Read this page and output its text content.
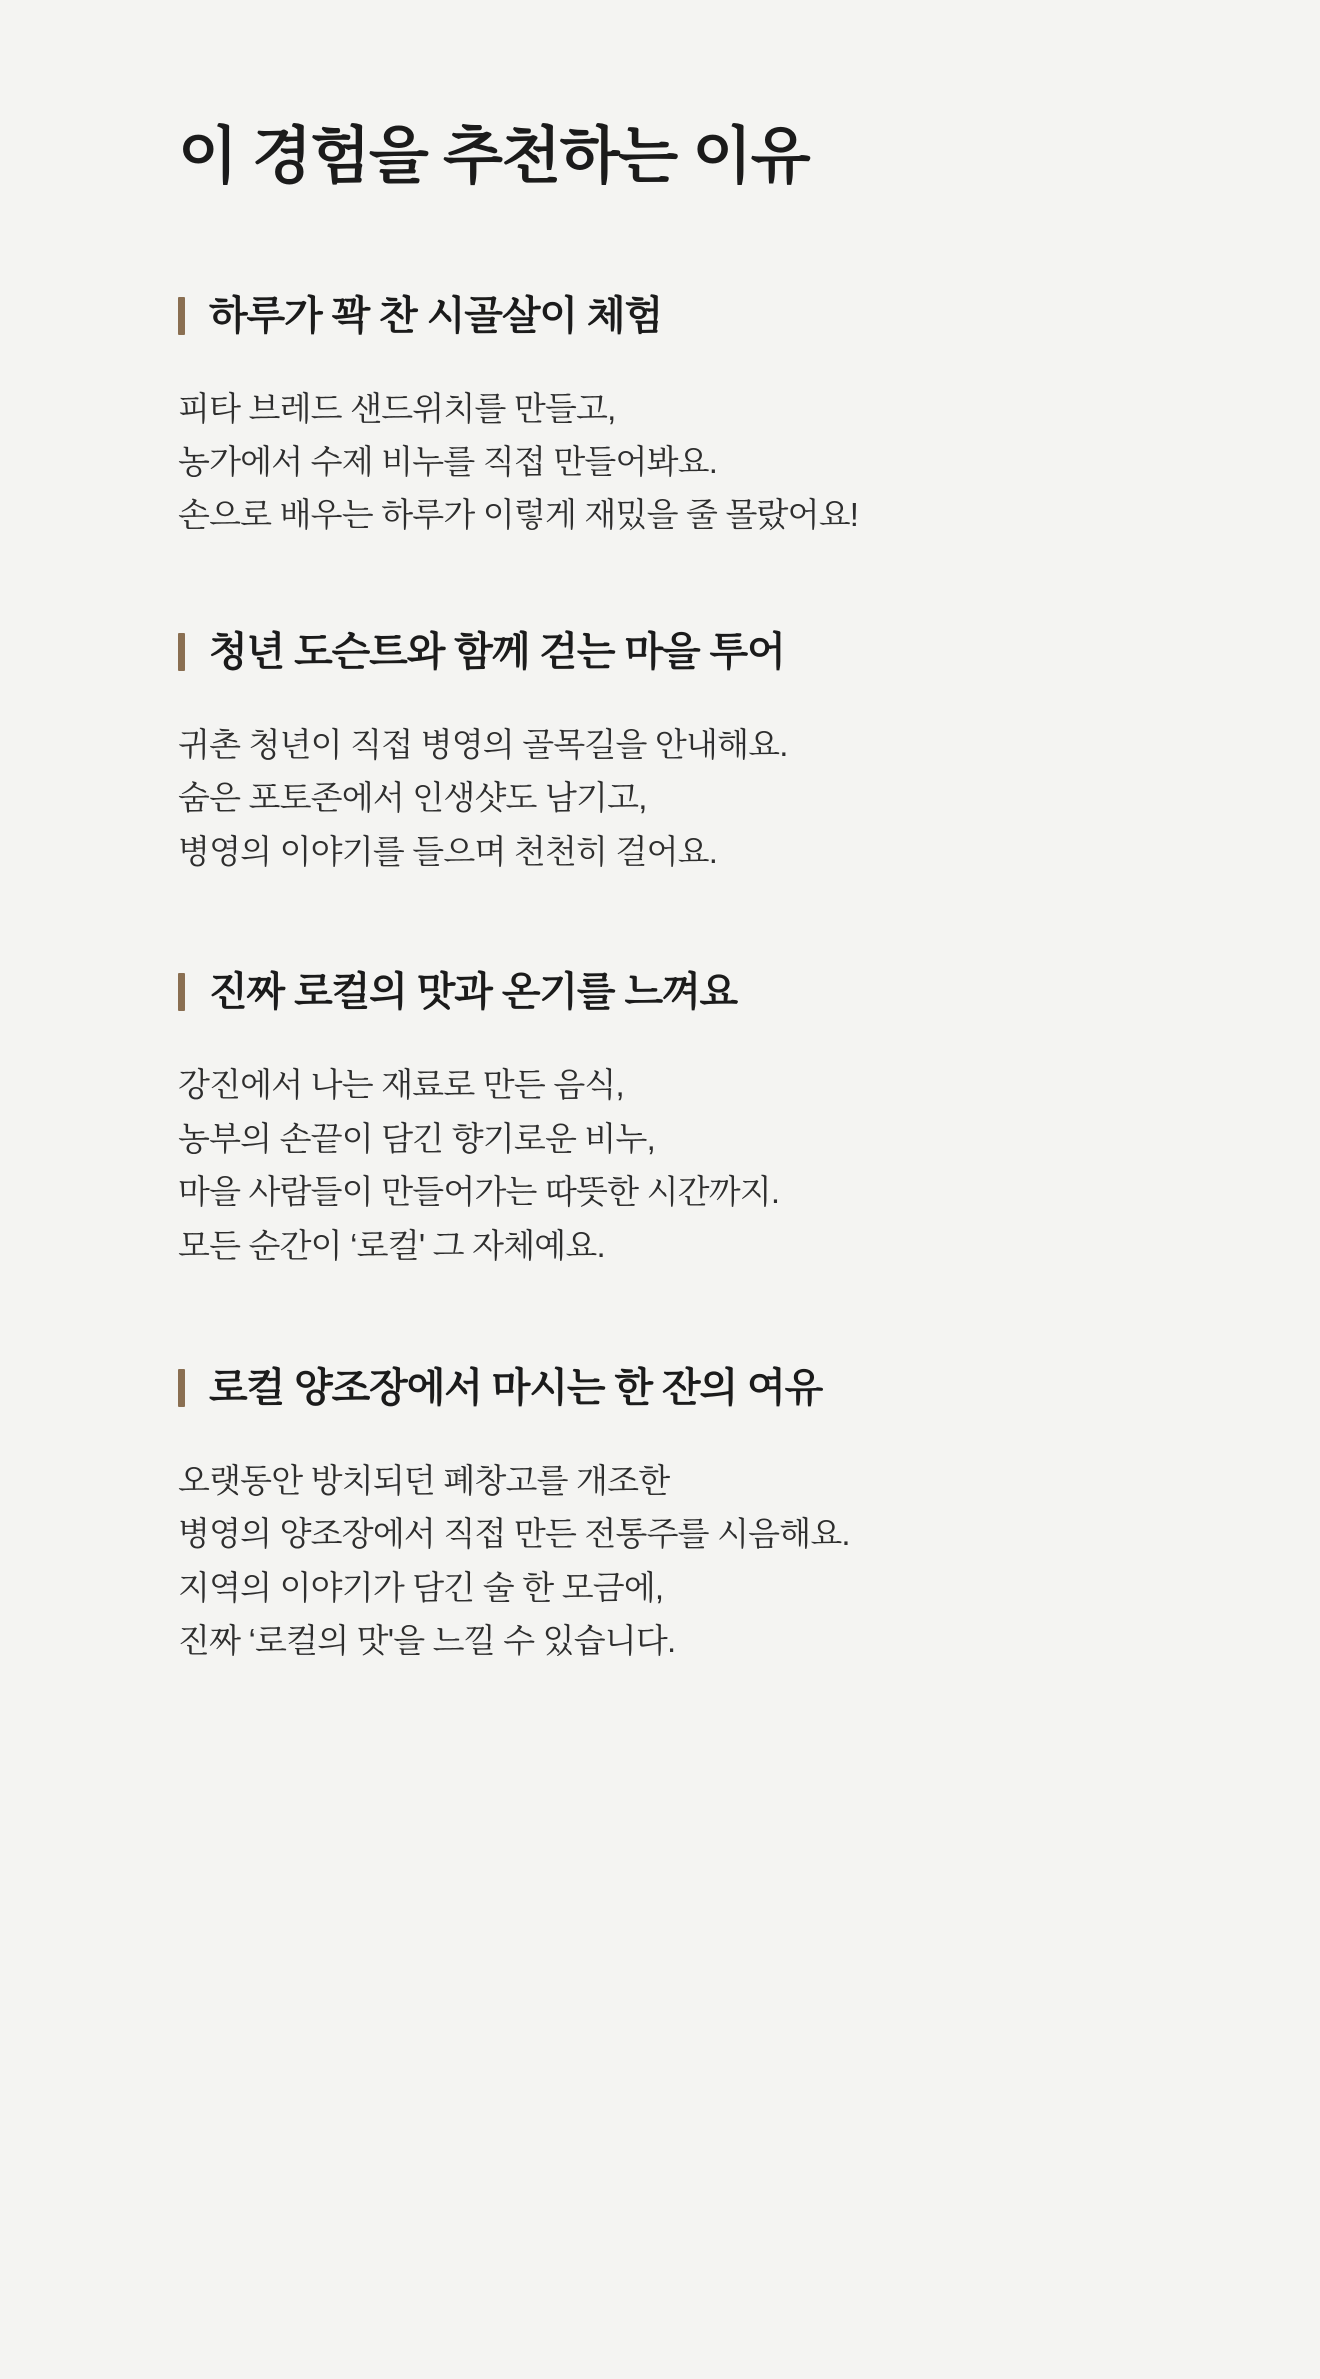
이 경험을 추천하는 이유
하루가 꽉 찬 시골살이 체험
피타 브레드 샌드위치를 만들고,
농가에서 수제 비누를 직접 만들어봐요.
손으로 배우는 하루가 이렇게 재밌을 줄 몰랐어요!
청년 도슨트와 함께 걷는 마을 투어
귀촌 청년이 직접 병영의 골목길을 안내해요.
숨은 포토존에서 인생샷도 남기고,
병영의 이야기를 들으며 천천히 걸어요.
진짜 로컬의 맛과 온기를 느껴요
강진에서 나는 재료로 만든 음식,
농부의 손끝이 담긴 향기로운 비누,
마을 사람들이 만들어가는 따뜻한 시간까지.
모든 순간이 ‘로컬' 그 자체예요.
로컬 양조장에서 마시는 한 잔의 여유
오랫동안 방치되던 폐창고를 개조한
병영의 양조장에서 직접 만든 전통주를 시음해요.
지역의 이야기가 담긴 술 한 모금에,
진짜 ‘로컬의 맛'을 느낄 수 있습니다.
